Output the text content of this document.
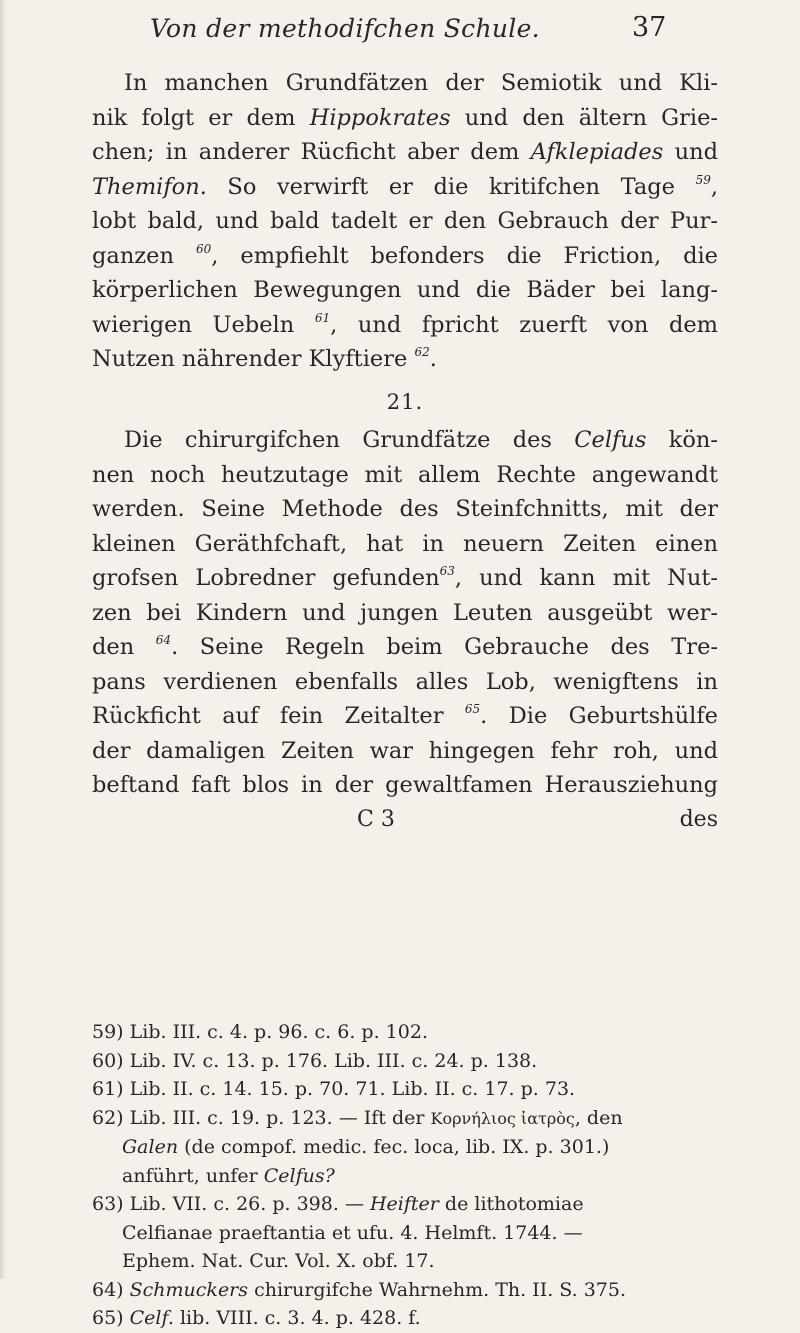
Von der methodifchen Schule.	37
In manchen Grundfätzen der Semiotik und Kli-
nik folgt er dem Hippokrates und den ältern Grie-
chen; in anderer Rücficht aber dem Afklepiades und
Themifon. So verwirft er die kritifchen Tage $^{59}$,
lobt bald, und bald tadelt er den Gebrauch der Pur-
ganzen $^{60}$, empfiehlt befonders die Friction, die
körperlichen Bewegungen und die Bäder bei lang-
wierigen Uebeln $^{61}$, und fpricht zuerft von dem
Nutzen nährender Klyftiere $^{62}$.
21.
Die chirurgifchen Grundfätze des Celfus kön-
nen noch heutzutage mit allem Rechte angewandt
werden. Seine Methode des Steinfchnitts, mit der
kleinen Geräthfchaft, hat in neuern Zeiten einen
grofsen Lobredner gefunden$^{63}$, und kann mit Nut-
zen bei Kindern und jungen Leuten ausgeübt wer-
den $^{64}$. Seine Regeln beim Gebrauche des Tre-
pans verdienen ebenfalls alles Lob, wenigftens in
Rückficht auf fein Zeitalter $^{65}$. Die Geburtshülfe
der damaligen Zeiten war hingegen fehr roh, und
beftand faft blos in der gewaltfamen Herausziehung
C 3	des
59) Lib. III. c. 4. p. 96. c. 6. p. 102.
60) Lib. IV. c. 13. p. 176. Lib. III. c. 24. p. 138.
61) Lib. II. c. 14. 15. p. 70. 71. Lib. II. c. 17. p. 73.
62) Lib. III. c. 19. p. 123. — Ift der Κορνήλιος ἰατρὸς, den
Galen (de compof. medic. fec. loca, lib. IX. p. 301.)
anführt, unfer Celfus?
63) Lib. VII. c. 26. p. 398. — Heifter de lithotomiae
Celfianae praeftantia et ufu. 4. Helmft. 1744. —
Ephem. Nat. Cur. Vol. X. obf. 17.
64) Schmuckers chirurgifche Wahrnehm. Th. II. S. 375.
65) Celf. lib. VIII. c. 3. 4. p. 428. f.
